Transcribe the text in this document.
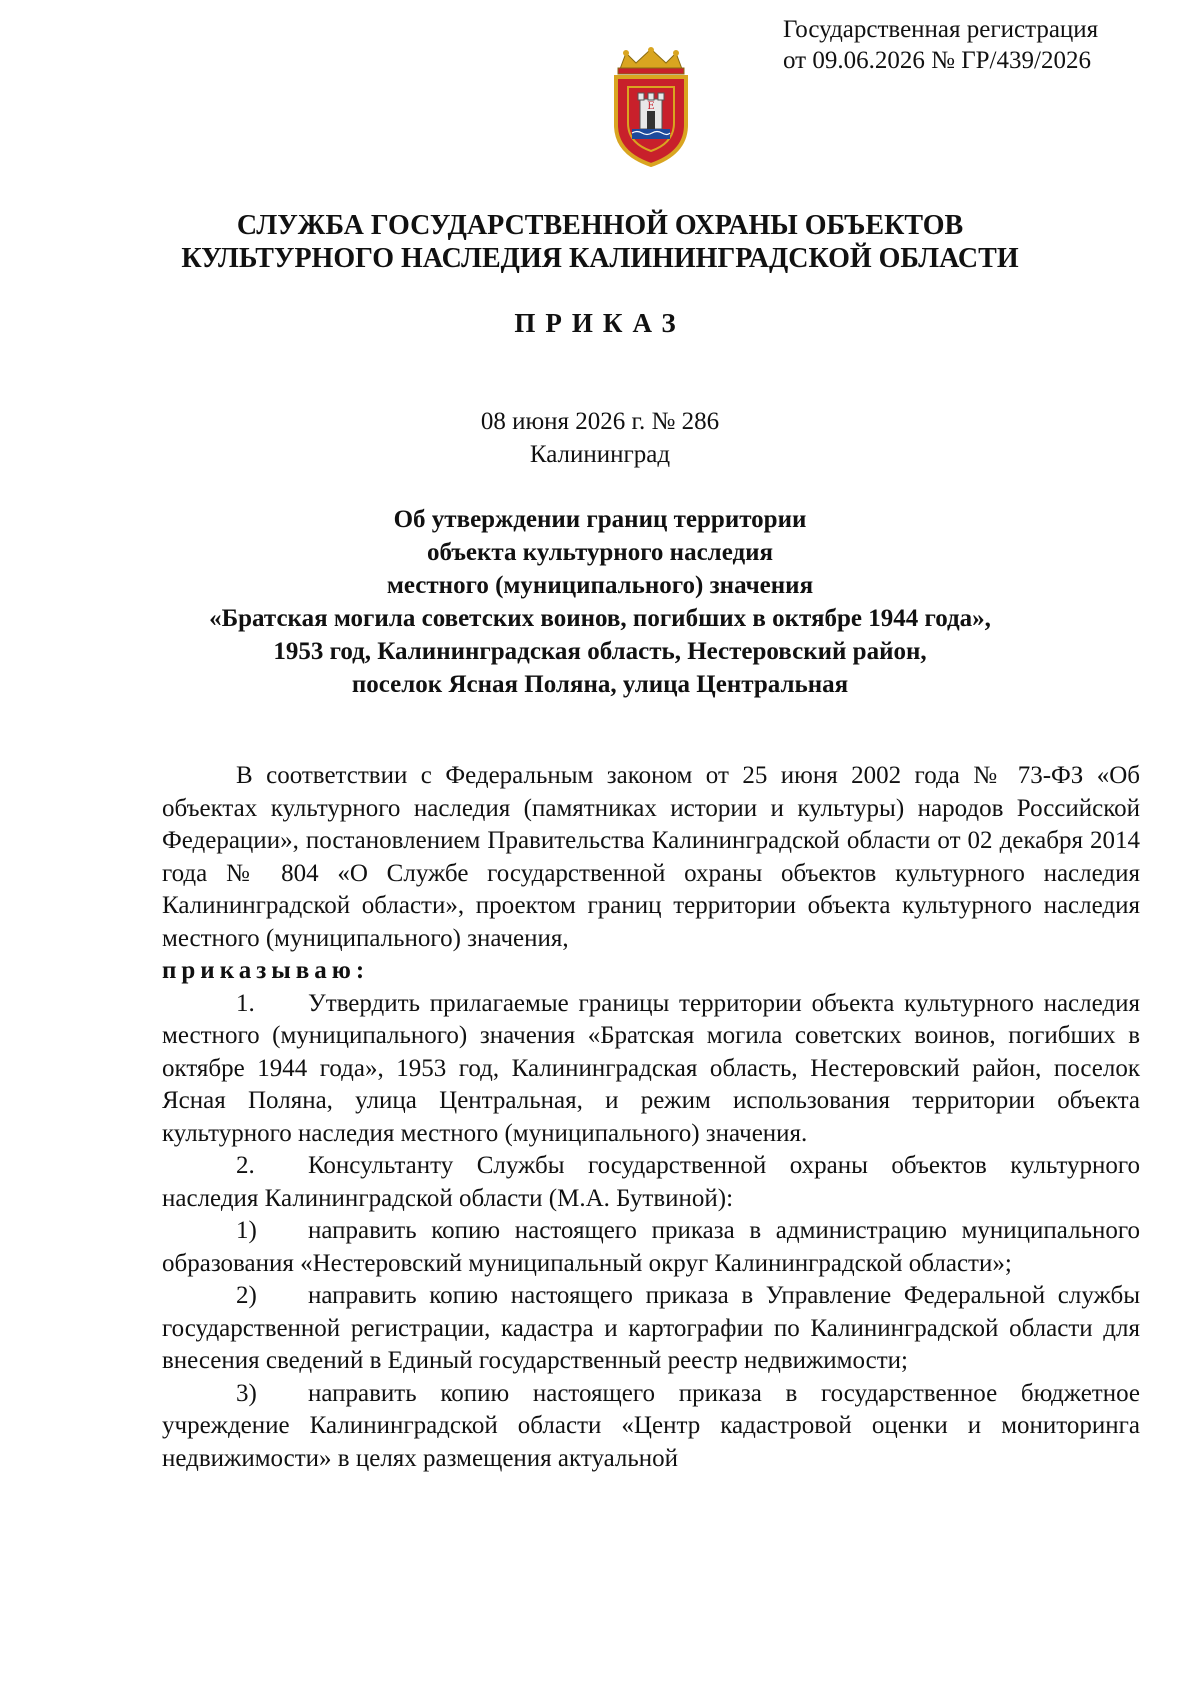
Государственная регистрация
от 09.06.2026 № ГР/439/2026
E
СЛУЖБА ГОСУДАРСТВЕННОЙ ОХРАНЫ ОБЪЕКТОВ
КУЛЬТУРНОГО НАСЛЕДИЯ КАЛИНИНГРАДСКОЙ ОБЛАСТИ
ПРИКАЗ
08 июня 2026 г. № 286
Калининград
Об утверждении границ территории
объекта культурного наследия
местного (муниципального) значения
«Братская могила советских воинов, погибших в октябре 1944 года»,
1953 год, Калининградская область, Нестеровский район,
поселок Ясная Поляна, улица Центральная

В соответствии с Федеральным законом от 25 июня 2002 года № 73-ФЗ «Об объектах культурного наследия (памятниках истории и культуры) народов Российской Федерации», постановлением Правительства Калининградской области от 02 декабря 2014 года № 804 «О Службе государственной охраны объектов культурного наследия Калининградской области», проектом границ территории объекта культурного наследия местного (муниципального) значения,

приказываю:

1. Утвердить прилагаемые границы территории объекта культурного наследия местного (муниципального) значения «Братская могила советских воинов, погибших в октябре 1944 года», 1953 год, Калининградская область, Нестеровский район, поселок Ясная Поляна, улица Центральная, и режим использования территории объекта культурного наследия местного (муниципального) значения.

2. Консультанту Службы государственной охраны объектов культурного наследия Калининградской области (М.А. Бутвиной):

1) направить копию настоящего приказа в администрацию муниципального образования «Нестеровский муниципальный округ Калининградской области»;

2) направить копию настоящего приказа в Управление Федеральной службы государственной регистрации, кадастра и картографии по Калининградской области для внесения сведений в Единый государственный реестр недвижимости;

3) направить копию настоящего приказа в государственное бюджетное учреждение Калининградской области «Центр кадастровой оценки и мониторинга недвижимости» в целях размещения актуальной
